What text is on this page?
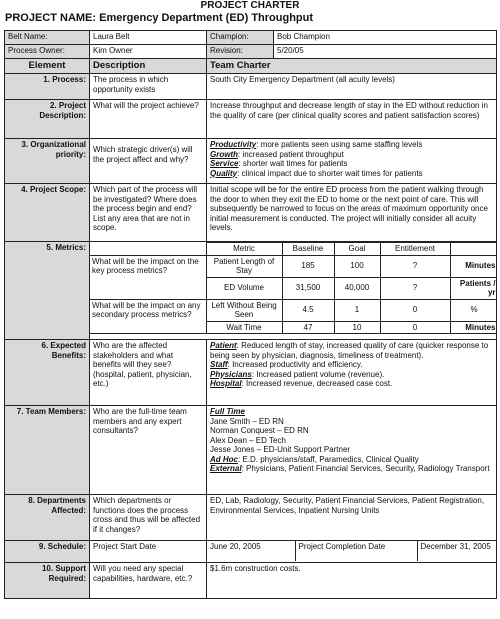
PROJECT CHARTER
PROJECT NAME: Emergency Department (ED) Throughput
Belt Name:	Laura Belt	Champion:	Bob Champion
Process Owner:	Kim Owner	Revision:	5/20/05
Element	Description	Team Charter
1. Process:	The process in which opportunity exists	South City Emergency Department (all acuity levels)
2. Project Description:	What will the project achieve?	Increase throughput and decrease length of stay in the ED without reduction in the quality of care (per clinical quality scores and patient satisfaction scores)
3. Organizational priority:	Which strategic driver(s) will the project affect and why?	
Productivity: more patients seen using same staffing levels
Growth: increased patient throughput
Service: shorter wait times for patients
Quality: clinical impact due to shorter wait times for patients

4. Project Scope:	Which part of the process will be investigated? Where does the process begin and end? List any area that are not in scope.	Initial scope will be for the entire ED process from the patient walking through the door to when they exit the ED to home or the next point of care. This will subsequently be narrowed to focus on the areas of maximum opportunity once initial measurement is conducted. The project will initially consider all acuity levels.
5. Metrics:	
		Metric	Baseline	Goal	Entitlement	
What will be the impact on the key process metrics?	Patient Length of Stay	185	100	?	Minutes
ED Volume	31,500	40,000	?	Patients / yr
What will be the impact on any secondary process metrics?	Left Without Being Seen	4.5	1	0	%
Wait Time	47	10	0	Minutes

6. Expected Benefits:	Who are the affected stakeholders and what benefits will they see? (hospital, patient, physician, etc.)	
Patient: Reduced length of stay, increased quality of care (quicker response to being seen by physician, diagnosis, timeliness of treatment).
Staff: Increased productivity and efficiency.
Physicians: Increased patient volume (revenue).
Hospital: Increased revenue, decreased case cost.

7. Team Members:	Who are the full-time team members and any expert consultants?	
Full Time
Jane Smith – ED RN
Norman Conquest – ED RN
Alex Dean – ED Tech
Jesse Jones – ED-Unit Support Partner
Ad Hoc: E.D. physicians/staff, Paramedics, Clinical Quality
External: Physicians, Patient Financial Services, Security, Radiology Transport

8. Departments Affected:	Which departments or functions does the process cross and thus will be affected if it changes?	ED, Lab, Radiology, Security, Patient Financial Services, Patient Registration, Environmental Services, Inpatient Nursing Units
9. Schedule:	Project Start Date		June 20, 2005	Project Completion Date	December 31, 2005

10. Support Required:	Will you need any special capabilities, hardware, etc.?	$1.6m construction costs.
